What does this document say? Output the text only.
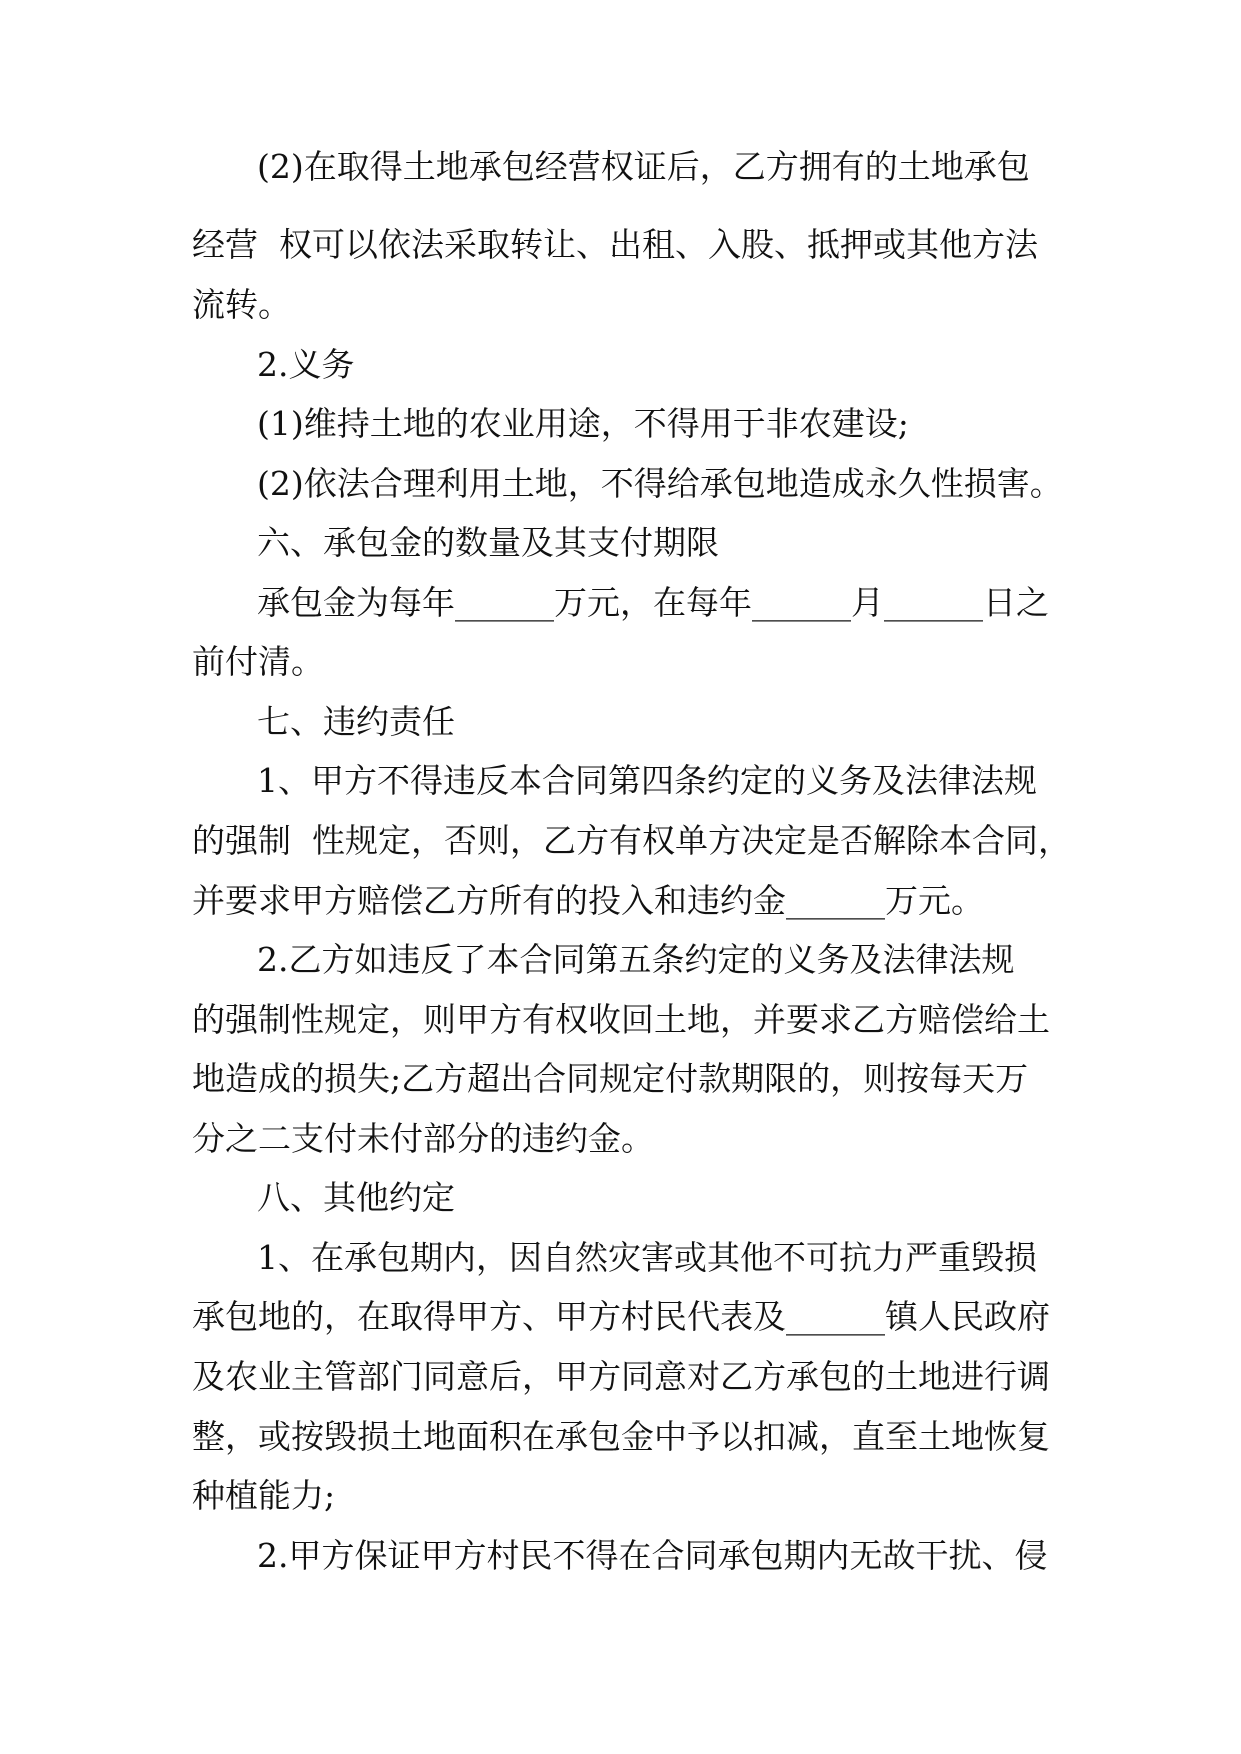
(2)在取得土地承包经营权证后，乙方拥有的土地承包

经营  权可以依法采取转让、出租、入股、抵押或其他方法

流转。

2.义务

(1)维持土地的农业用途，不得用于非农建设;

(2)依法合理利用土地，不得给承包地造成永久性损害。

六、承包金的数量及其支付期限

承包金为每年______万元，在每年______月______日之

前付清。

七、违约责任

1、甲方不得违反本合同第四条约定的义务及法律法规

的强制  性规定，否则，乙方有权单方决定是否解除本合同，

并要求甲方赔偿乙方所有的投入和违约金______万元。

2.乙方如违反了本合同第五条约定的义务及法律法规

的强制性规定，则甲方有权收回土地，并要求乙方赔偿给土

地造成的损失;乙方超出合同规定付款期限的，则按每天万

分之二支付未付部分的违约金。

八、其他约定

1、在承包期内，因自然灾害或其他不可抗力严重毁损

承包地的，在取得甲方、甲方村民代表及______镇人民政府

及农业主管部门同意后，甲方同意对乙方承包的土地进行调

整，或按毁损土地面积在承包金中予以扣减，直至土地恢复

种植能力;

2.甲方保证甲方村民不得在合同承包期内无故干扰、侵
